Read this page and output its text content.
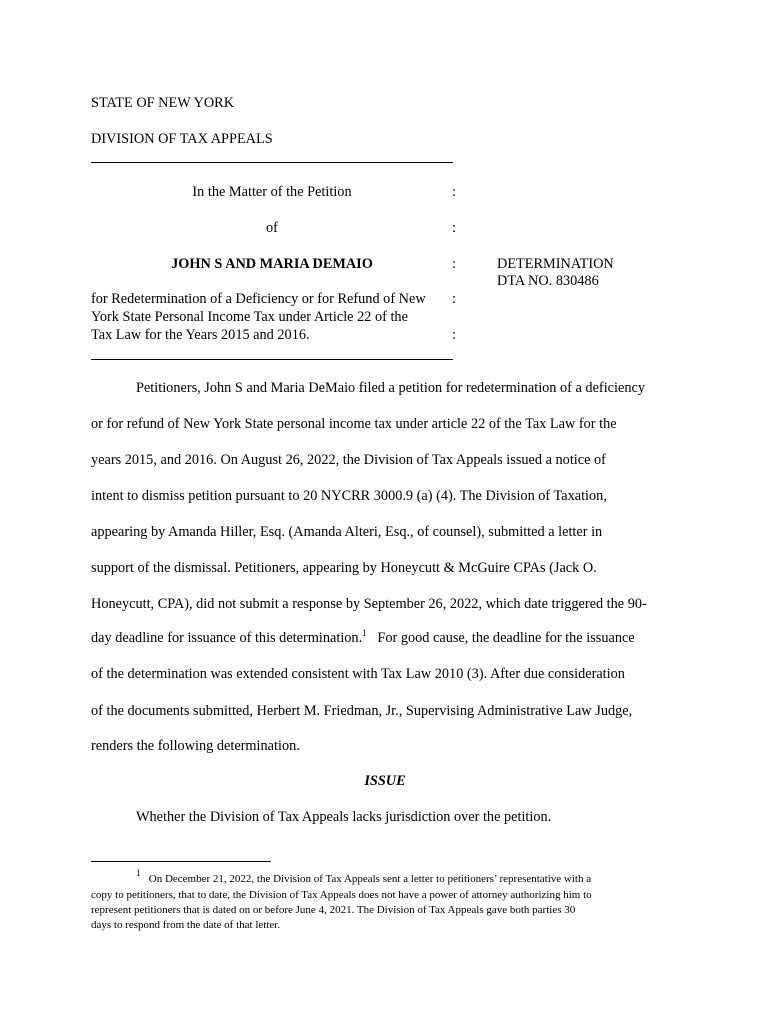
STATE OF NEW YORK
DIVISION OF TAX APPEALS
In the Matter of the Petition	:
of	:
JOHN S AND MARIA DEMAIO	:	DETERMINATION
DTA NO. 830486
for Redetermination of a Deficiency or for Refund of New :
York State Personal Income Tax under Article 22 of the
Tax Law for the Years 2015 and 2016.	:
Petitioners, John S and Maria DeMaio filed a petition for redetermination of a deficiency
or for refund of New York State personal income tax under article 22 of the Tax Law for the
years 2015, and 2016. On August 26, 2022, the Division of Tax Appeals issued a notice of
intent to dismiss petition pursuant to 20 NYCRR 3000.9 (a) (4). The Division of Taxation,
appearing by Amanda Hiller, Esq. (Amanda Alteri, Esq., of counsel), submitted a letter in
support of the dismissal. Petitioners, appearing by Honeycutt & McGuire CPAs (Jack O.
Honeycutt, CPA), did not submit a response by September 26, 2022, which date triggered the 90-
day deadline for issuance of this determination.$^1$   For good cause, the deadline for the issuance
of the determination was extended consistent with Tax Law 2010 (3). After due consideration
of the documents submitted, Herbert M. Friedman, Jr., Supervising Administrative Law Judge,
renders the following determination.
ISSUE
Whether the Division of Tax Appeals lacks jurisdiction over the petition.
$^1$ On December 21, 2022, the Division of Tax Appeals sent a letter to petitioners’ representative with a
copy to petitioners, that to date, the Division of Tax Appeals does not have a power of attorney authorizing him to
represent petitioners that is dated on or before June 4, 2021. The Division of Tax Appeals gave both parties 30
days to respond from the date of that letter.
